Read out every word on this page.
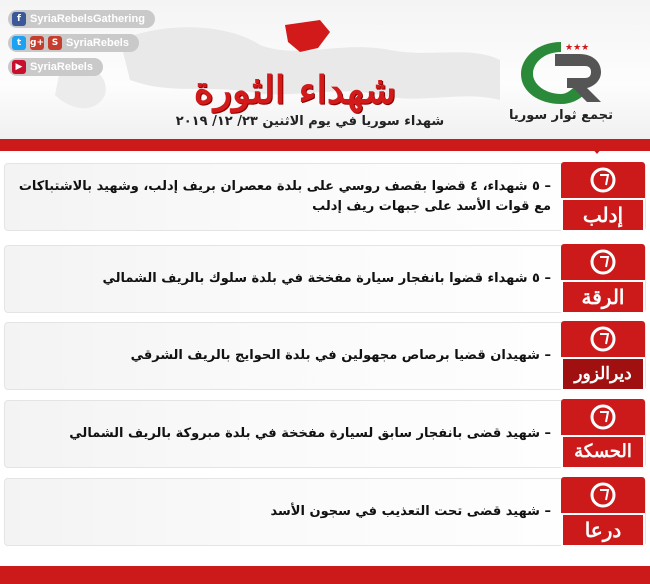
f SyriaRebelsGathering
t g+ S SyriaRebels
▶ SyriaRebels	شهداء الثورة
شهداء سوريا في يوم الاثنين ٢٣/ ١٢/ ٢٠١٩
★★★
تجمع ثوار سوريا
– ٥ شهداء، ٤ قضوا بقصف روسي على بلدة معصران بريف إدلب، وشهيد بالاشتباكات مع قوات الأسد على جبهات ريف إدلب	إدلب
– ٥ شهداء قضوا بانفجار سيارة مفخخة في بلدة سلوك بالريف الشمالي
الرقة
– شهيدان قضيا برصاص مجهولين في بلدة الحوايج بالريف الشرقي
ديرالزور
– شهيد قضى بانفجار سابق لسيارة مفخخة في بلدة مبروكة بالريف الشمالي
الحسكة
– شهيد قضى تحت التعذيب في سجون الأسد
درعا
